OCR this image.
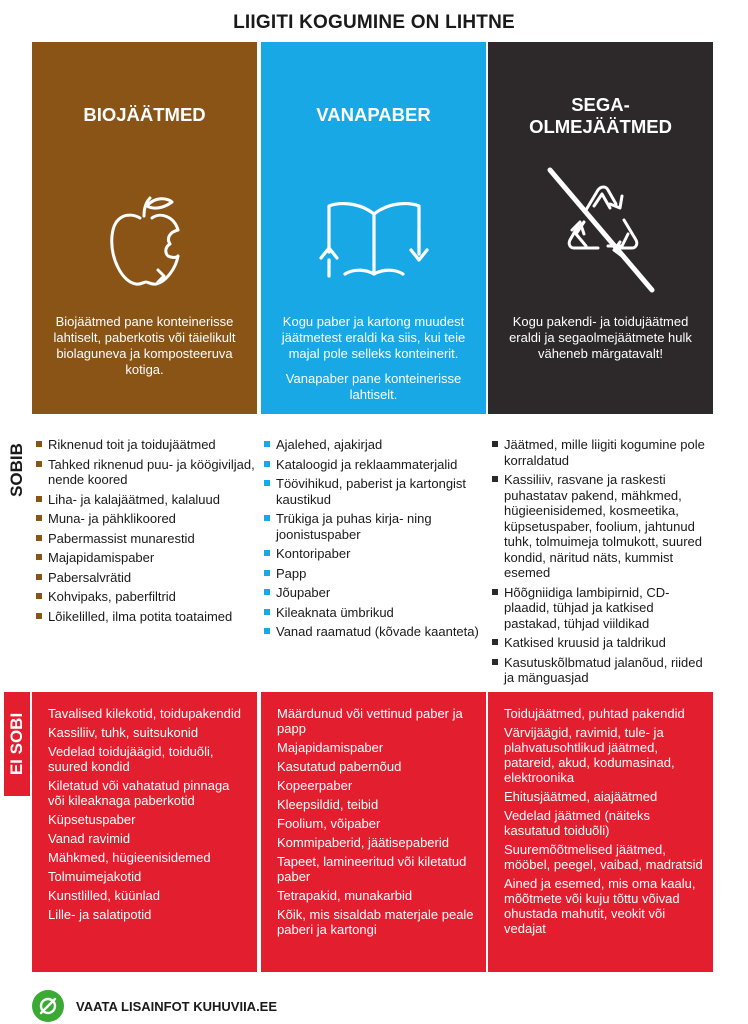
LIIGITI KOGUMINE ON LIHTNE
BIOJÄÄTMED

Biojäätmed pane konteinerisse lahtiselt, paberkotis või täielikult biolaguneva ja komposteeruva kotiga.

VANAPABER

Kogu paber ja kartong muudest jäätmetest eraldi ka siis, kui teie majal pole selleks konteinerit.

Vanapaber pane konteinerisse lahtiselt.

SEGA-
OLMEJÄÄTMED

Kogu pakendi- ja toidujäätmed eraldi ja segaolmejäätmete hulk väheneb märgatavalt!

SOBIB
EI SOBI
Riknenud toit ja toidujäätmed
Tahked riknenud puu- ja köögiviljad, nende koored
Liha- ja kalajäätmed, kalaluud
Muna- ja pähklikoored
Pabermassist munarestid
Majapidamispaber
Pabersalvrätid
Kohvipaks, paberfiltrid
Lõikelilled, ilma potita toataimed
Ajalehed, ajakirjad
Kataloogid ja reklaammaterjalid
Töövihikud, paberist ja kartongist kaustikud
Trükiga ja puhas kirja- ning joonistuspaber
Kontoripaber
Papp
Jõupaber
Kileaknata ümbrikud
Vanad raamatud (kõvade kaanteta)
Jäätmed, mille liigiti kogumine pole korraldatud
Kassiliiv, rasvane ja raskesti puhastatav pakend, mähkmed, hügieenisidemed, kosmeetika, küpsetuspaber, foolium, jahtunud tuhk, tolmuimeja tolmukott, suured kondid, näritud näts, kummist esemed
Hõõgniidiga lambipirnid, CD-plaadid, tühjad ja katkised pastakad, tühjad viildikad
Katkised kruusid ja taldrikud
Kasutuskõlbmatud jalanõud, riided ja mänguasjad
Tavalised kilekotid, toidupakendid
Kassiliiv, tuhk, suitsukonid
Vedelad toidujäägid, toiduõli, suured kondid
Kiletatud või vahatatud pinnaga või kileaknaga paberkotid
Küpsetuspaber
Vanad ravimid
Mähkmed, hügieenisidemed
Tolmuimejakotid
Kunstlilled, küünlad
Lille- ja salatipotid
Määrdunud või vettinud paber ja papp
Majapidamispaber
Kasutatud pabernõud
Kopeerpaber
Kleepsildid, teibid
Foolium, võipaber
Kommipaberid, jäätisepaberid
Tapeet, lamineeritud või kiletatud paber
Tetrapakid, munakarbid
Kõik, mis sisaldab materjale peale paberi ja kartongi
Toidujäätmed, puhtad pakendid
Värvijäägid, ravimid, tule- ja plahvatusohtlikud jäätmed, patareid, akud, kodumasinad, elektroonika
Ehitusjäätmed, aiajäätmed
Vedelad jäätmed (näiteks kasutatud toiduõli)
Suuremõõtmelised jäätmed, mööbel, peegel, vaibad, madratsid
Ained ja esemed, mis oma kaalu, mõõtmete või kuju tõttu võivad ohustada mahutit, veokit või vedajat
VAATA LISAINFOT KUHUVIIA.EE
